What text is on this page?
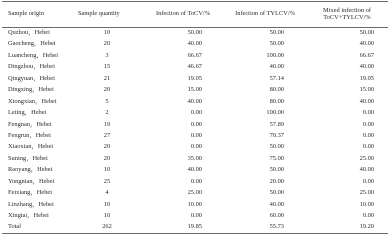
Sample origin	Sample quantity	Infection of ToCV/%	Infection of TYLCV/%	Mixed infection of ToCV+TYLCV/%
Quzhou，Hebei	10	50.00	50.00	50.00
Gaocheng，Hebei	20	40.00	50.00	40.00
Luancheng，Hebei	3	66.67	100.00	66.67
Dingzhou，Hebei	15	46.67	40.00	40.00
Qingyuan，Hebei	21	19.05	57.14	19.05
Dingxing，Hebei	20	15.00	80.00	15.00
Xiongxian，Hebei	5	40.00	80.00	40.00
Leting，Hebei	2	0.00	100.00	0.00
Fengnan，Hebei	19	0.00	57.89	0.00
Fengrun，Hebei	27	0.00	70.37	0.00
Xiaoxian，Hebei	20	0.00	50.00	0.00
Suning，Hebei	20	35.00	75.00	25.00
Raoyang，Hebei	10	40.00	50.00	40.00
Yongnian，Hebei	25	0.00	20.00	0.00
Feixiang，Hebei	4	25.00	50.00	25.00
Linzhang，Hebei	10	10.00	40.00	10.00
Xingtai，Hebei	10	0.00	60.00	0.00
Total	262	19.85	55.73	19.20
